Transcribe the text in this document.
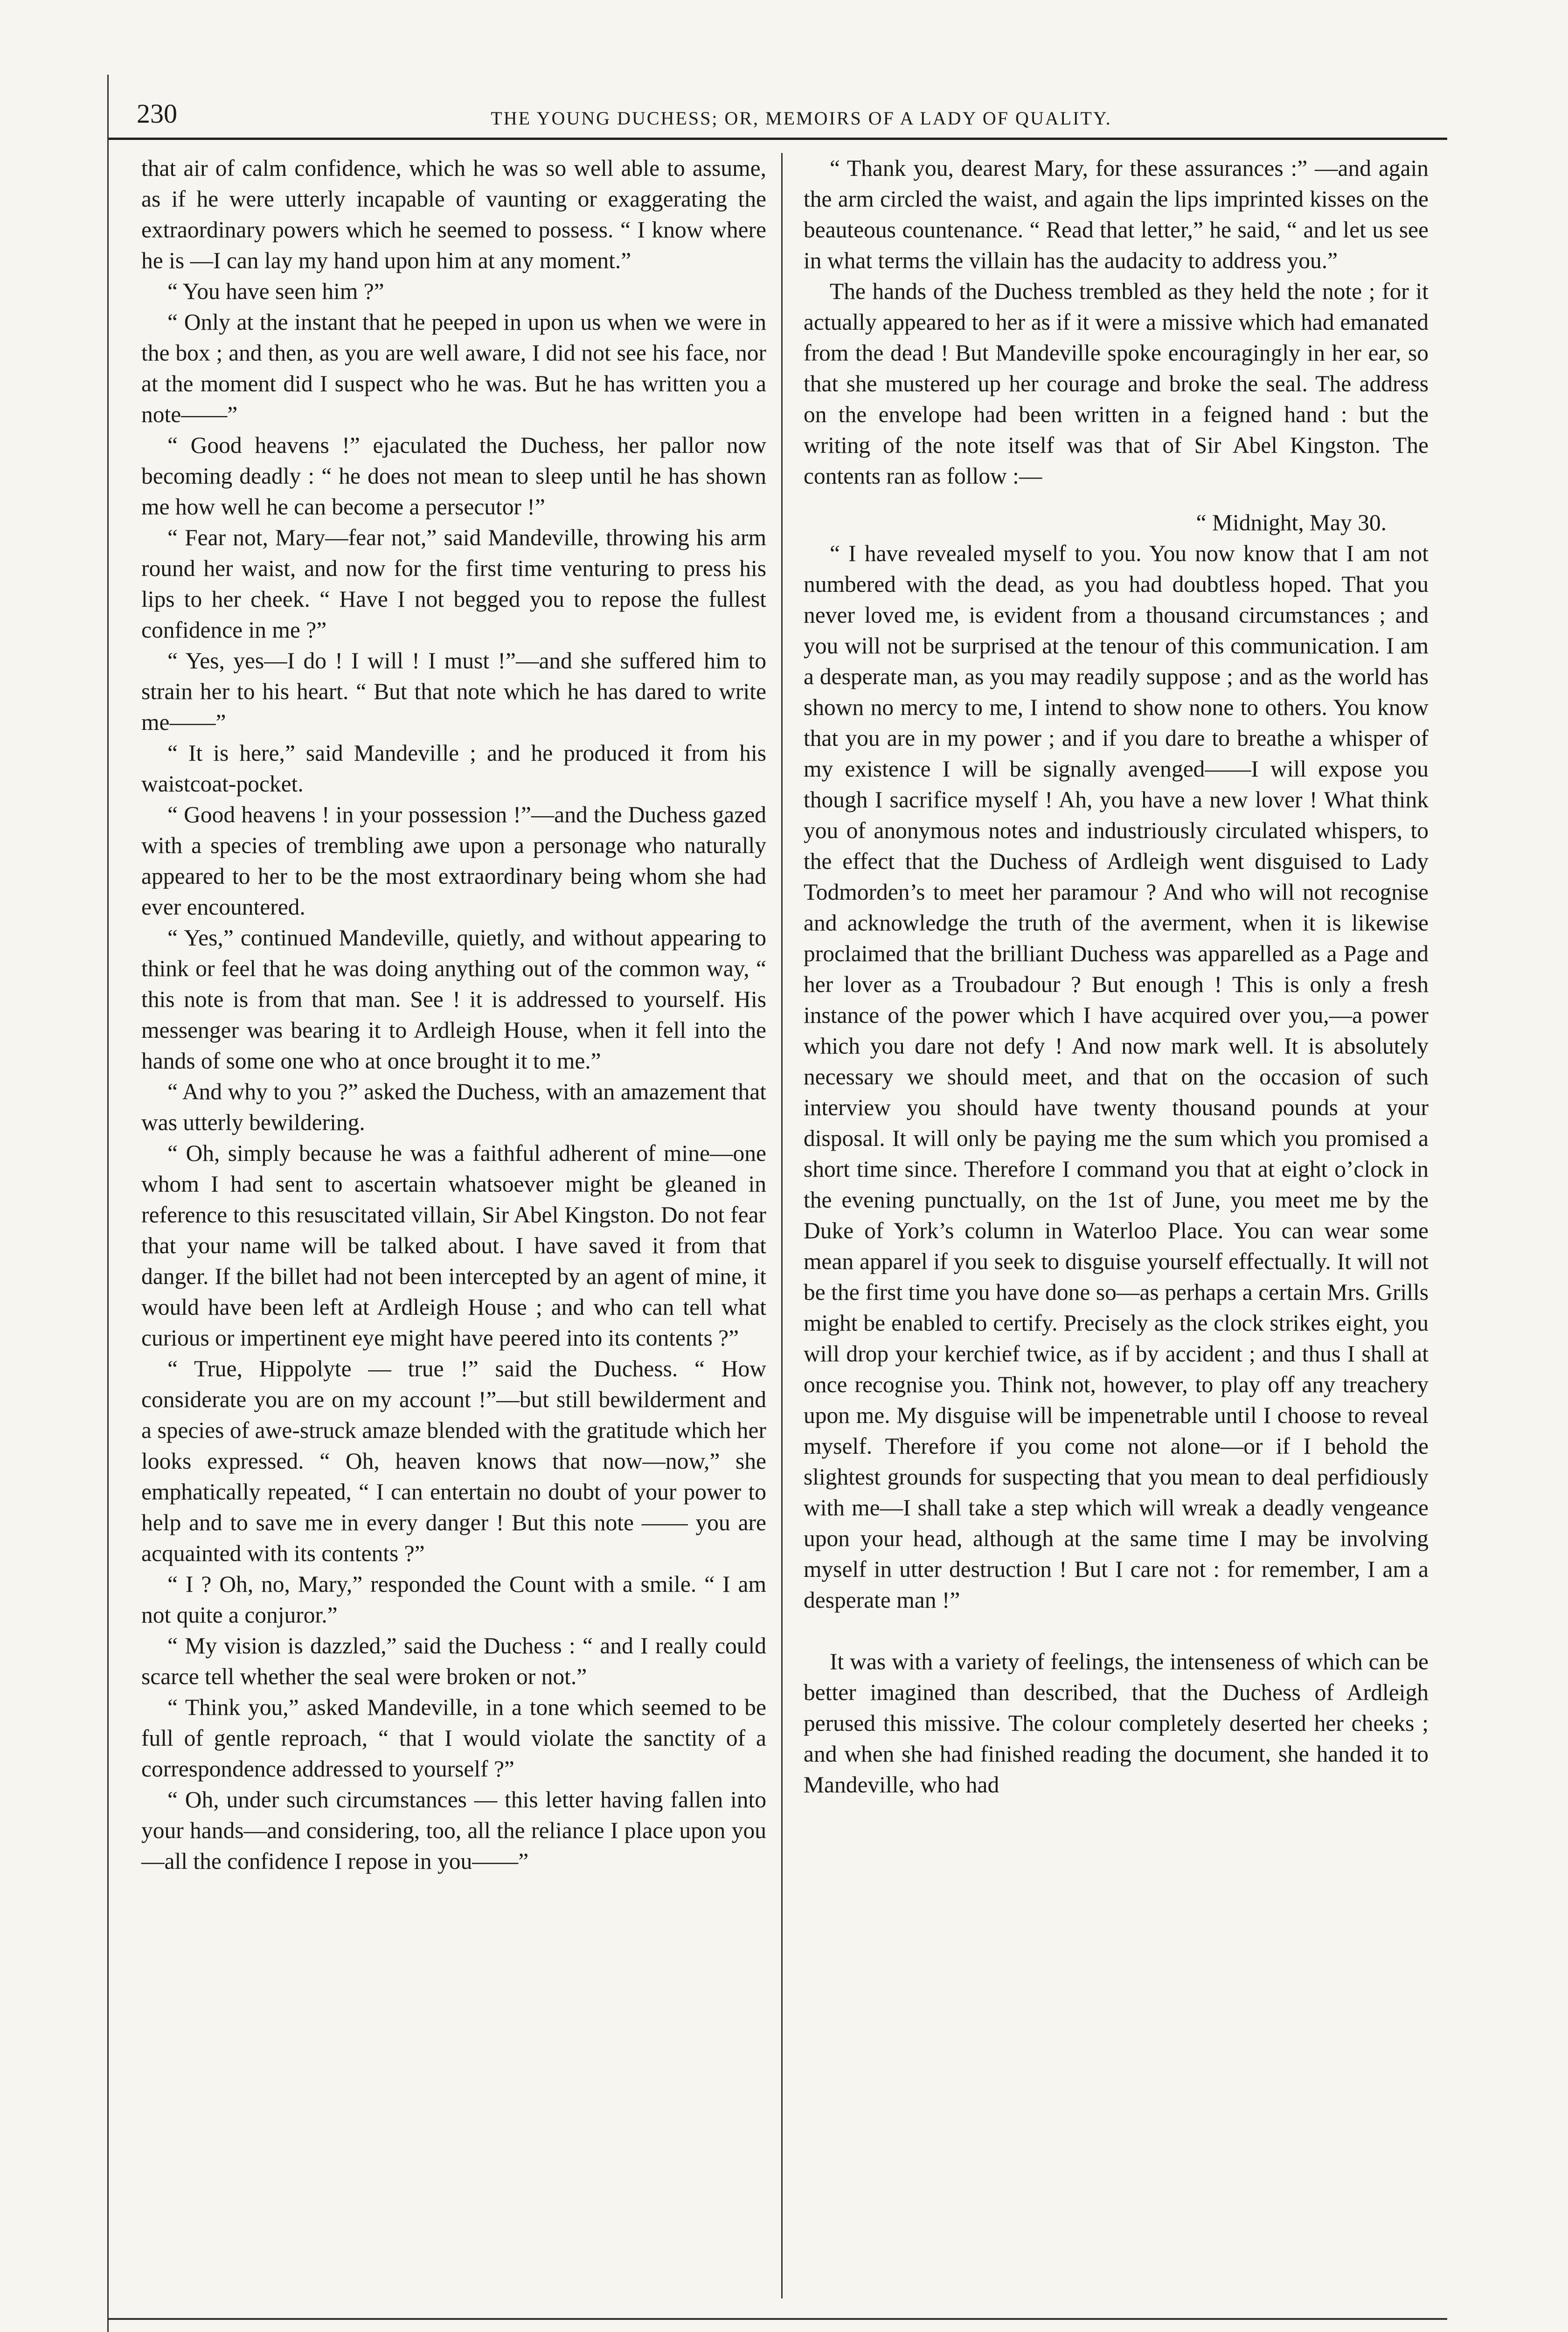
230	THE YOUNG DUCHESS; OR, MEMOIRS OF A LADY OF QUALITY.

that air of calm confidence, which he was so well able to assume, as if he were utterly incapable of vaunting or exaggerating the extraordinary powers which he seemed to possess. “ I know where he is —I can lay my hand upon him at any moment.”

“ You have seen him ?”

“ Only at the instant that he peeped in upon us when we were in the box ; and then, as you are well aware, I did not see his face, nor at the moment did I suspect who he was. But he has written you a note——”

“ Good heavens !” ejaculated the Duchess, her pallor now becoming deadly : “ he does not mean to sleep until he has shown me how well he can become a persecutor !”

“ Fear not, Mary—fear not,” said Mandeville, throwing his arm round her waist, and now for the first time venturing to press his lips to her cheek. “ Have I not begged you to repose the fullest confidence in me ?”

“ Yes, yes—I do ! I will ! I must !”—and she suffered him to strain her to his heart. “ But that note which he has dared to write me——”

“ It is here,” said Mandeville ; and he produced it from his waistcoat-pocket.

“ Good heavens ! in your possession !”—and the Duchess gazed with a species of trembling awe upon a personage who naturally appeared to her to be the most extraordinary being whom she had ever encountered.

“ Yes,” continued Mandeville, quietly, and without appearing to think or feel that he was doing anything out of the common way, “ this note is from that man. See ! it is addressed to yourself. His messenger was bearing it to Ardleigh House, when it fell into the hands of some one who at once brought it to me.”

“ And why to you ?” asked the Duchess, with an amazement that was utterly bewildering.

“ Oh, simply because he was a faithful adherent of mine—one whom I had sent to ascertain whatsoever might be gleaned in reference to this resuscitated villain, Sir Abel Kingston. Do not fear that your name will be talked about. I have saved it from that danger. If the billet had not been intercepted by an agent of mine, it would have been left at Ardleigh House ; and who can tell what curious or impertinent eye might have peered into its contents ?”

“ True, Hippolyte — true !” said the Duchess. “ How considerate you are on my account !”—but still bewilderment and a species of awe-struck amaze blended with the gratitude which her looks expressed. “ Oh, heaven knows that now—now,” she emphatically repeated, “ I can entertain no doubt of your power to help and to save me in every danger ! But this note —— you are acquainted with its contents ?”

“ I ? Oh, no, Mary,” responded the Count with a smile. “ I am not quite a conjuror.”

“ My vision is dazzled,” said the Duchess : “ and I really could scarce tell whether the seal were broken or not.”

“ Think you,” asked Mandeville, in a tone which seemed to be full of gentle reproach, “ that I would violate the sanctity of a correspondence addressed to yourself ?”

“ Oh, under such circumstances — this letter having fallen into your hands—and considering, too, all the reliance I place upon you—all the confidence I repose in you——”

“ Thank you, dearest Mary, for these assurances :” —and again the arm circled the waist, and again the lips imprinted kisses on the beauteous countenance. “ Read that letter,” he said, “ and let us see in what terms the villain has the audacity to address you.”

The hands of the Duchess trembled as they held the note ; for it actually appeared to her as if it were a missive which had emanated from the dead ! But Mandeville spoke encouragingly in her ear, so that she mustered up her courage and broke the seal. The address on the envelope had been written in a feigned hand : but the writing of the note itself was that of Sir Abel Kingston. The contents ran as follow :—

“ Midnight, May 30.

“ I have revealed myself to you. You now know that I am not numbered with the dead, as you had doubtless hoped. That you never loved me, is evident from a thousand circumstances ; and you will not be surprised at the tenour of this communication. I am a desperate man, as you may readily suppose ; and as the world has shown no mercy to me, I intend to show none to others. You know that you are in my power ; and if you dare to breathe a whisper of my existence I will be signally avenged——I will expose you though I sacrifice myself ! Ah, you have a new lover ! What think you of anonymous notes and industriously circulated whispers, to the effect that the Duchess of Ardleigh went disguised to Lady Todmorden’s to meet her paramour ? And who will not recognise and acknowledge the truth of the averment, when it is likewise proclaimed that the brilliant Duchess was apparelled as a Page and her lover as a Troubadour ? But enough ! This is only a fresh instance of the power which I have acquired over you,—a power which you dare not defy ! And now mark well. It is absolutely necessary we should meet, and that on the occasion of such interview you should have twenty thousand pounds at your disposal. It will only be paying me the sum which you promised a short time since. Therefore I command you that at eight o’clock in the evening punctually, on the 1st of June, you meet me by the Duke of York’s column in Waterloo Place. You can wear some mean apparel if you seek to disguise yourself effectually. It will not be the first time you have done so—as perhaps a certain Mrs. Grills might be enabled to certify. Precisely as the clock strikes eight, you will drop your kerchief twice, as if by accident ; and thus I shall at once recognise you. Think not, however, to play off any treachery upon me. My disguise will be impenetrable until I choose to reveal myself. Therefore if you come not alone—or if I behold the slightest grounds for suspecting that you mean to deal perfidiously with me—I shall take a step which will wreak a deadly vengeance upon your head, although at the same time I may be involving myself in utter destruction ! But I care not : for remember, I am a desperate man !”

It was with a variety of feelings, the intenseness of which can be better imagined than described, that the Duchess of Ardleigh perused this missive. The colour completely deserted her cheeks ; and when she had finished reading the document, she handed it to Mandeville, who had
